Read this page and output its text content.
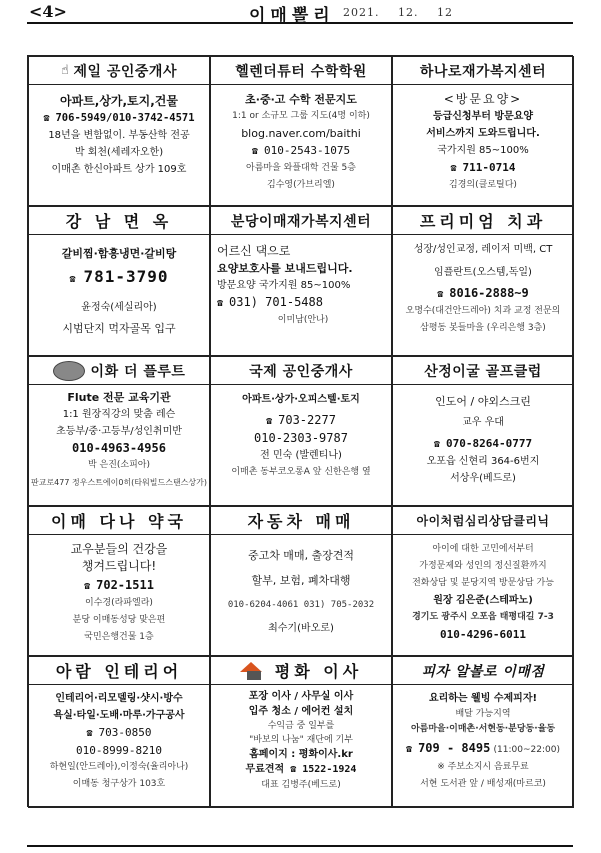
<4>	이매뽈리 2021. 12. 12
☝ 제일 공인중개사
아파트,상가,토지,건물
☎ 706-5949/010-3742-4571
18년을 변함없이. 부동산학 전공
박 회천(세레자오한)
이매촌 한신아파트 상가 109호
헬렌더튜터 수학학원
초·중·고 수학 전문지도
1:1 or 소규모 그룹 지도(4명 이하)
blog.naver.com/baithi
☎ 010-2543-1075
아름마을 와플대학 건물 5층
김수영(가브리엘)
하나로재가복지센터
<방문요양>
등급신청부터 방문요양
서비스까지 도와드립니다.
국가지원 85~100%
☎ 711-0714
김경의(클로틸다)
강 남 면 옥
갈비찜·함흥냉면·갈비탕
☎ 781-3790
윤정숙(세실리아)
시범단지 먹자골목 입구
분당이매재가복지센터
어르신 댁으로
요양보호사를 보내드립니다.
방문요양 국가지원 85~100%
☎ 031) 701-5488
이미남(안나)
프리미엄 치과
성장/성인교정, 레이저 미백, CT
임플란트(오스템,독일)
☎ 8016-2888~9
오명수(대건안드레아) 치과 교정 전문의
삼평동 봇들마을 (우리은행 3층)
이화 더 플루트
Flute 전문 교육기관
1:1 원장직강의 맞춤 레슨
초등부/중·고등부/성인취미반
010-4963-4956
박 은진(소피아)
판교로477 정우스트에이0히(타워빌드스탠스상가)
국제 공인중개사
아파트·상가·오피스텔·토지
☎ 703-2277
010-2303-9787
전 민숙 (발렌티나)
이매촌 동부코오롱A 앞 신한은행 옆
산정이굴 골프클럽
인도어 / 야외스크린
교우 우대
☎ 070-8264-0777
오포읍 신현리 364-6번지
서상우(베드로)
이매 다나 약국
교우분들의 건강을
챙겨드립니다!
☎ 702-1511
이수경(라파엘라)
분당 이매동성당 맞은편
국민은행건물 1층
자동차 매매
중고차 매매, 출장견적
할부, 보험, 폐차대행
010-6204-4061 031) 705-2032
최수기(바오로)
아이처럼심리상담클리닉
아이에 대한 고민에서부터
가정문제와 성인의 정신질환까지
전화상담 및 분당지역 방문상담 가능
원장 김은준(스테파노)
경기도 광주시 오포읍 태평대길 7-3
010-4296-6011
아람 인테리어
인테리어·리모델링·샷시·방수
욕실·타일·도배·마루·가구공사
☎ 703-0850
010-8999-8210
하현일(안드레아),이정숙(율리아나)
이매동 청구상가 103호
평화 이사
포장 이사 / 사무실 이사
입주 청소 / 에어컨 설치
수익금 중 일부를
"바보의 나눔" 재단에 기부
홈페이지 : 평화이사.kr
무료견적 ☎ 1522-1924
대표 김병주(베드로)
피자 알볼로 이매점
요리하는 웰빙 수제피자!
배달 가능지역
아름마을·이매촌·서현동·분당동·율동
☎ 709 - 8495 (11:00~22:00)
※ 주보소지시 음료무료
서현 도서관 앞 / 배성재(마르코)
